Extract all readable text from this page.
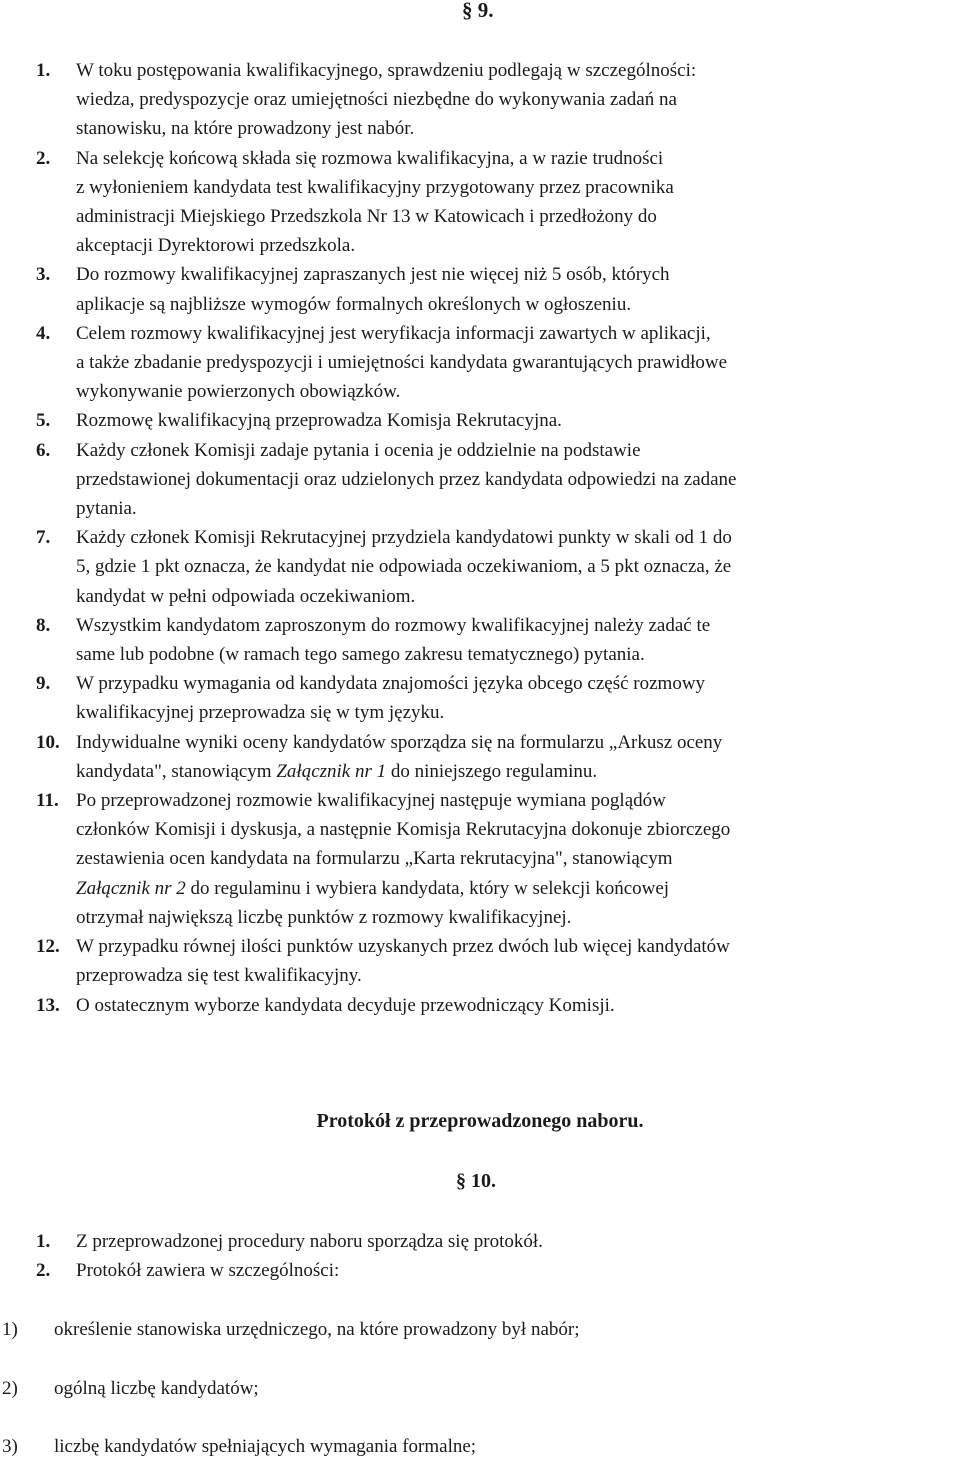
§ 9.
1. W toku postępowania kwalifikacyjnego, sprawdzeniu podlegają w szczególności:
wiedza, predyspozycje oraz umiejętności niezbędne do wykonywania zadań na
stanowisku, na które prowadzony jest nabór.
2. Na selekcję końcową składa się rozmowa kwalifikacyjna, a w razie trudności
z wyłonieniem kandydata test kwalifikacyjny przygotowany przez pracownika
administracji Miejskiego Przedszkola Nr 13 w Katowicach i przedłożony do
akceptacji Dyrektorowi przedszkola.
3. Do rozmowy kwalifikacyjnej zapraszanych jest nie więcej niż 5 osób, których
aplikacje są najbliższe wymogów formalnych określonych w ogłoszeniu.
4. Celem rozmowy kwalifikacyjnej jest weryfikacja informacji zawartych w aplikacji,
a także zbadanie predyspozycji i umiejętności kandydata gwarantujących prawidłowe
wykonywanie powierzonych obowiązków.
5. Rozmowę kwalifikacyjną przeprowadza Komisja Rekrutacyjna.
6. Każdy członek Komisji zadaje pytania i ocenia je oddzielnie na podstawie
przedstawionej dokumentacji oraz udzielonych przez kandydata odpowiedzi na zadane
pytania.
7. Każdy członek Komisji Rekrutacyjnej przydziela kandydatowi punkty w skali od 1 do
5, gdzie 1 pkt oznacza, że kandydat nie odpowiada oczekiwaniom, a 5 pkt oznacza, że
kandydat w pełni odpowiada oczekiwaniom.
8. Wszystkim kandydatom zaproszonym do rozmowy kwalifikacyjnej należy zadać te
same lub podobne (w ramach tego samego zakresu tematycznego) pytania.
9. W przypadku wymagania od kandydata znajomości języka obcego część rozmowy
kwalifikacyjnej przeprowadza się w tym języku.
10. Indywidualne wyniki oceny kandydatów sporządza się na formularzu „Arkusz oceny
kandydata", stanowiącym Załącznik nr 1 do niniejszego regulaminu.
11. Po przeprowadzonej rozmowie kwalifikacyjnej następuje wymiana poglądów
członków Komisji i dyskusja, a następnie Komisja Rekrutacyjna dokonuje zbiorczego
zestawienia ocen kandydata na formularzu „Karta rekrutacyjna", stanowiącym
Załącznik nr 2 do regulaminu i wybiera kandydata, który w selekcji końcowej
otrzymał największą liczbę punktów z rozmowy kwalifikacyjnej.
12. W przypadku równej ilości punktów uzyskanych przez dwóch lub więcej kandydatów
przeprowadza się test kwalifikacyjny.
13. O ostatecznym wyborze kandydata decyduje przewodniczący Komisji.
Protokół z przeprowadzonego naboru.
§ 10.
1. Z przeprowadzonej procedury naboru sporządza się protokół.
2. Protokół zawiera w szczególności:
1) określenie stanowiska urzędniczego, na które prowadzony był nabór;
2) ogólną liczbę kandydatów;
3) liczbę kandydatów spełniających wymagania formalne;
